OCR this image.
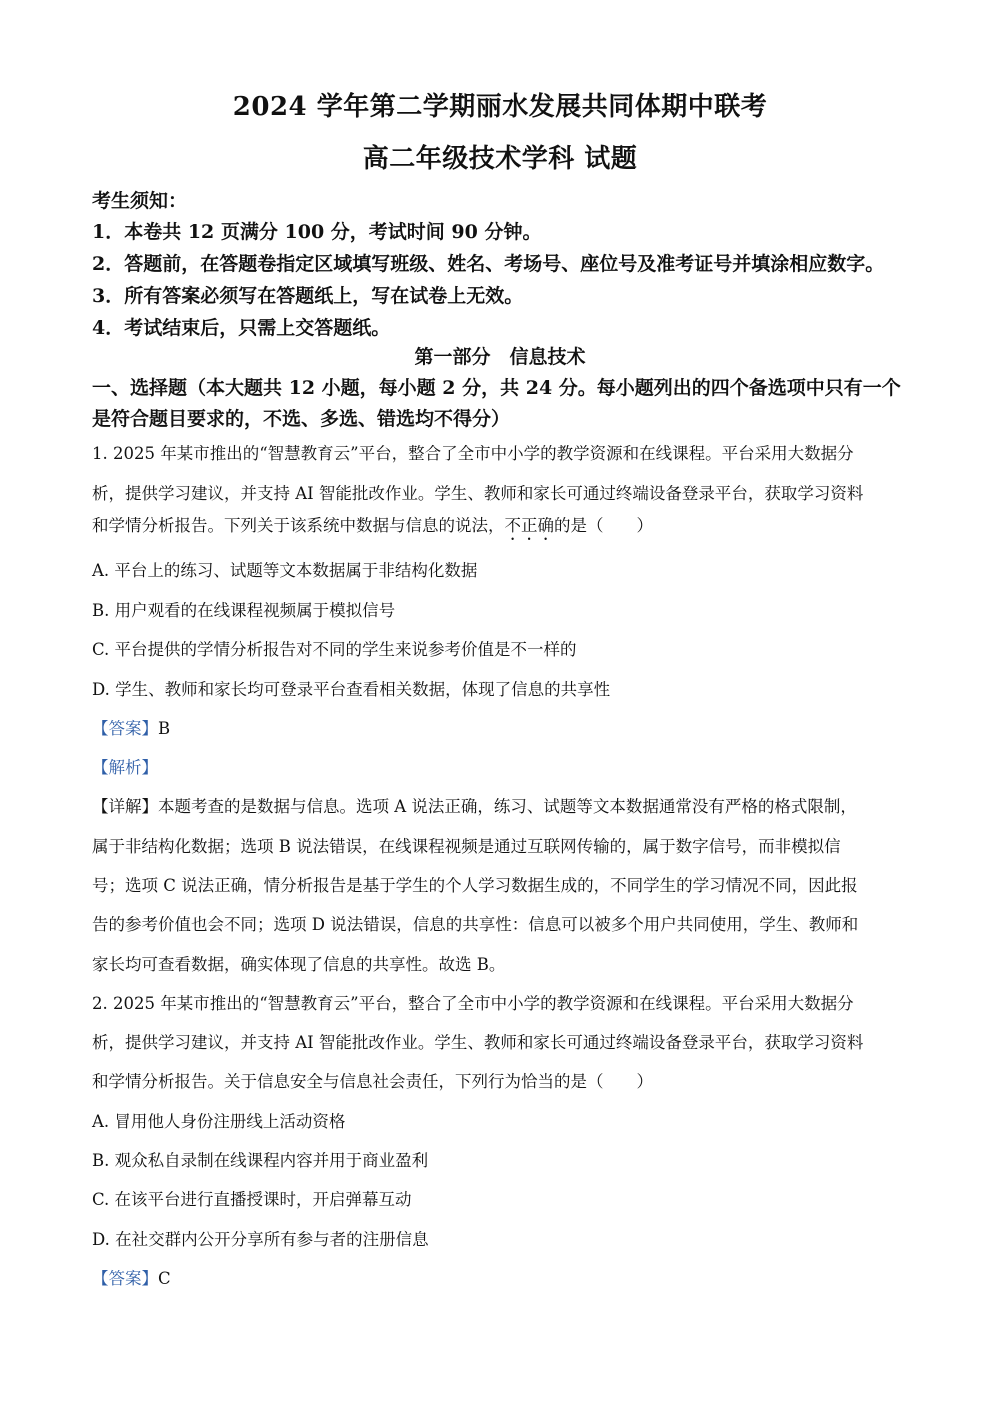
2024 学年第二学期丽水发展共同体期中联考
高二年级技术学科 试题
考生须知：
1．本卷共 12 页满分 100 分，考试时间 90 分钟。
2．答题前，在答题卷指定区域填写班级、姓名、考场号、座位号及准考证号并填涂相应数字。
3．所有答案必须写在答题纸上，写在试卷上无效。
4．考试结束后，只需上交答题纸。
第一部分　信息技术
一、选择题（本大题共 12 小题，每小题 2 分，共 24 分。每小题列出的四个备选项中只有一个
是符合题目要求的，不选、多选、错选均不得分）
1. 2025 年某市推出的“智慧教育云”平台，整合了全市中小学的教学资源和在线课程。平台采用大数据分
析，提供学习建议，并支持 AI 智能批改作业。学生、教师和家长可通过终端设备登录平台，获取学习资料
和学情分析报告。下列关于该系统中数据与信息的说法，不正确的是（　　）
A. 平台上的练习、试题等文本数据属于非结构化数据
B. 用户观看的在线课程视频属于模拟信号
C. 平台提供的学情分析报告对不同的学生来说参考价值是不一样的
D. 学生、教师和家长均可登录平台查看相关数据，体现了信息的共享性
【答案】B
【解析】
【详解】本题考查的是数据与信息。选项 A 说法正确，练习、试题等文本数据通常没有严格的格式限制，
属于非结构化数据；选项 B 说法错误，在线课程视频是通过互联网传输的，属于数字信号，而非模拟信
号；选项 C 说法正确，情分析报告是基于学生的个人学习数据生成的，不同学生的学习情况不同，因此报
告的参考价值也会不同；选项 D 说法错误，信息的共享性：信息可以被多个用户共同使用，学生、教师和
家长均可查看数据，确实体现了信息的共享性。故选 B。
2. 2025 年某市推出的“智慧教育云”平台，整合了全市中小学的教学资源和在线课程。平台采用大数据分
析，提供学习建议，并支持 AI 智能批改作业。学生、教师和家长可通过终端设备登录平台，获取学习资料
和学情分析报告。关于信息安全与信息社会责任，下列行为恰当的是（　　）
A. 冒用他人身份注册线上活动资格
B. 观众私自录制在线课程内容并用于商业盈利
C. 在该平台进行直播授课时，开启弹幕互动
D. 在社交群内公开分享所有参与者的注册信息
【答案】C
